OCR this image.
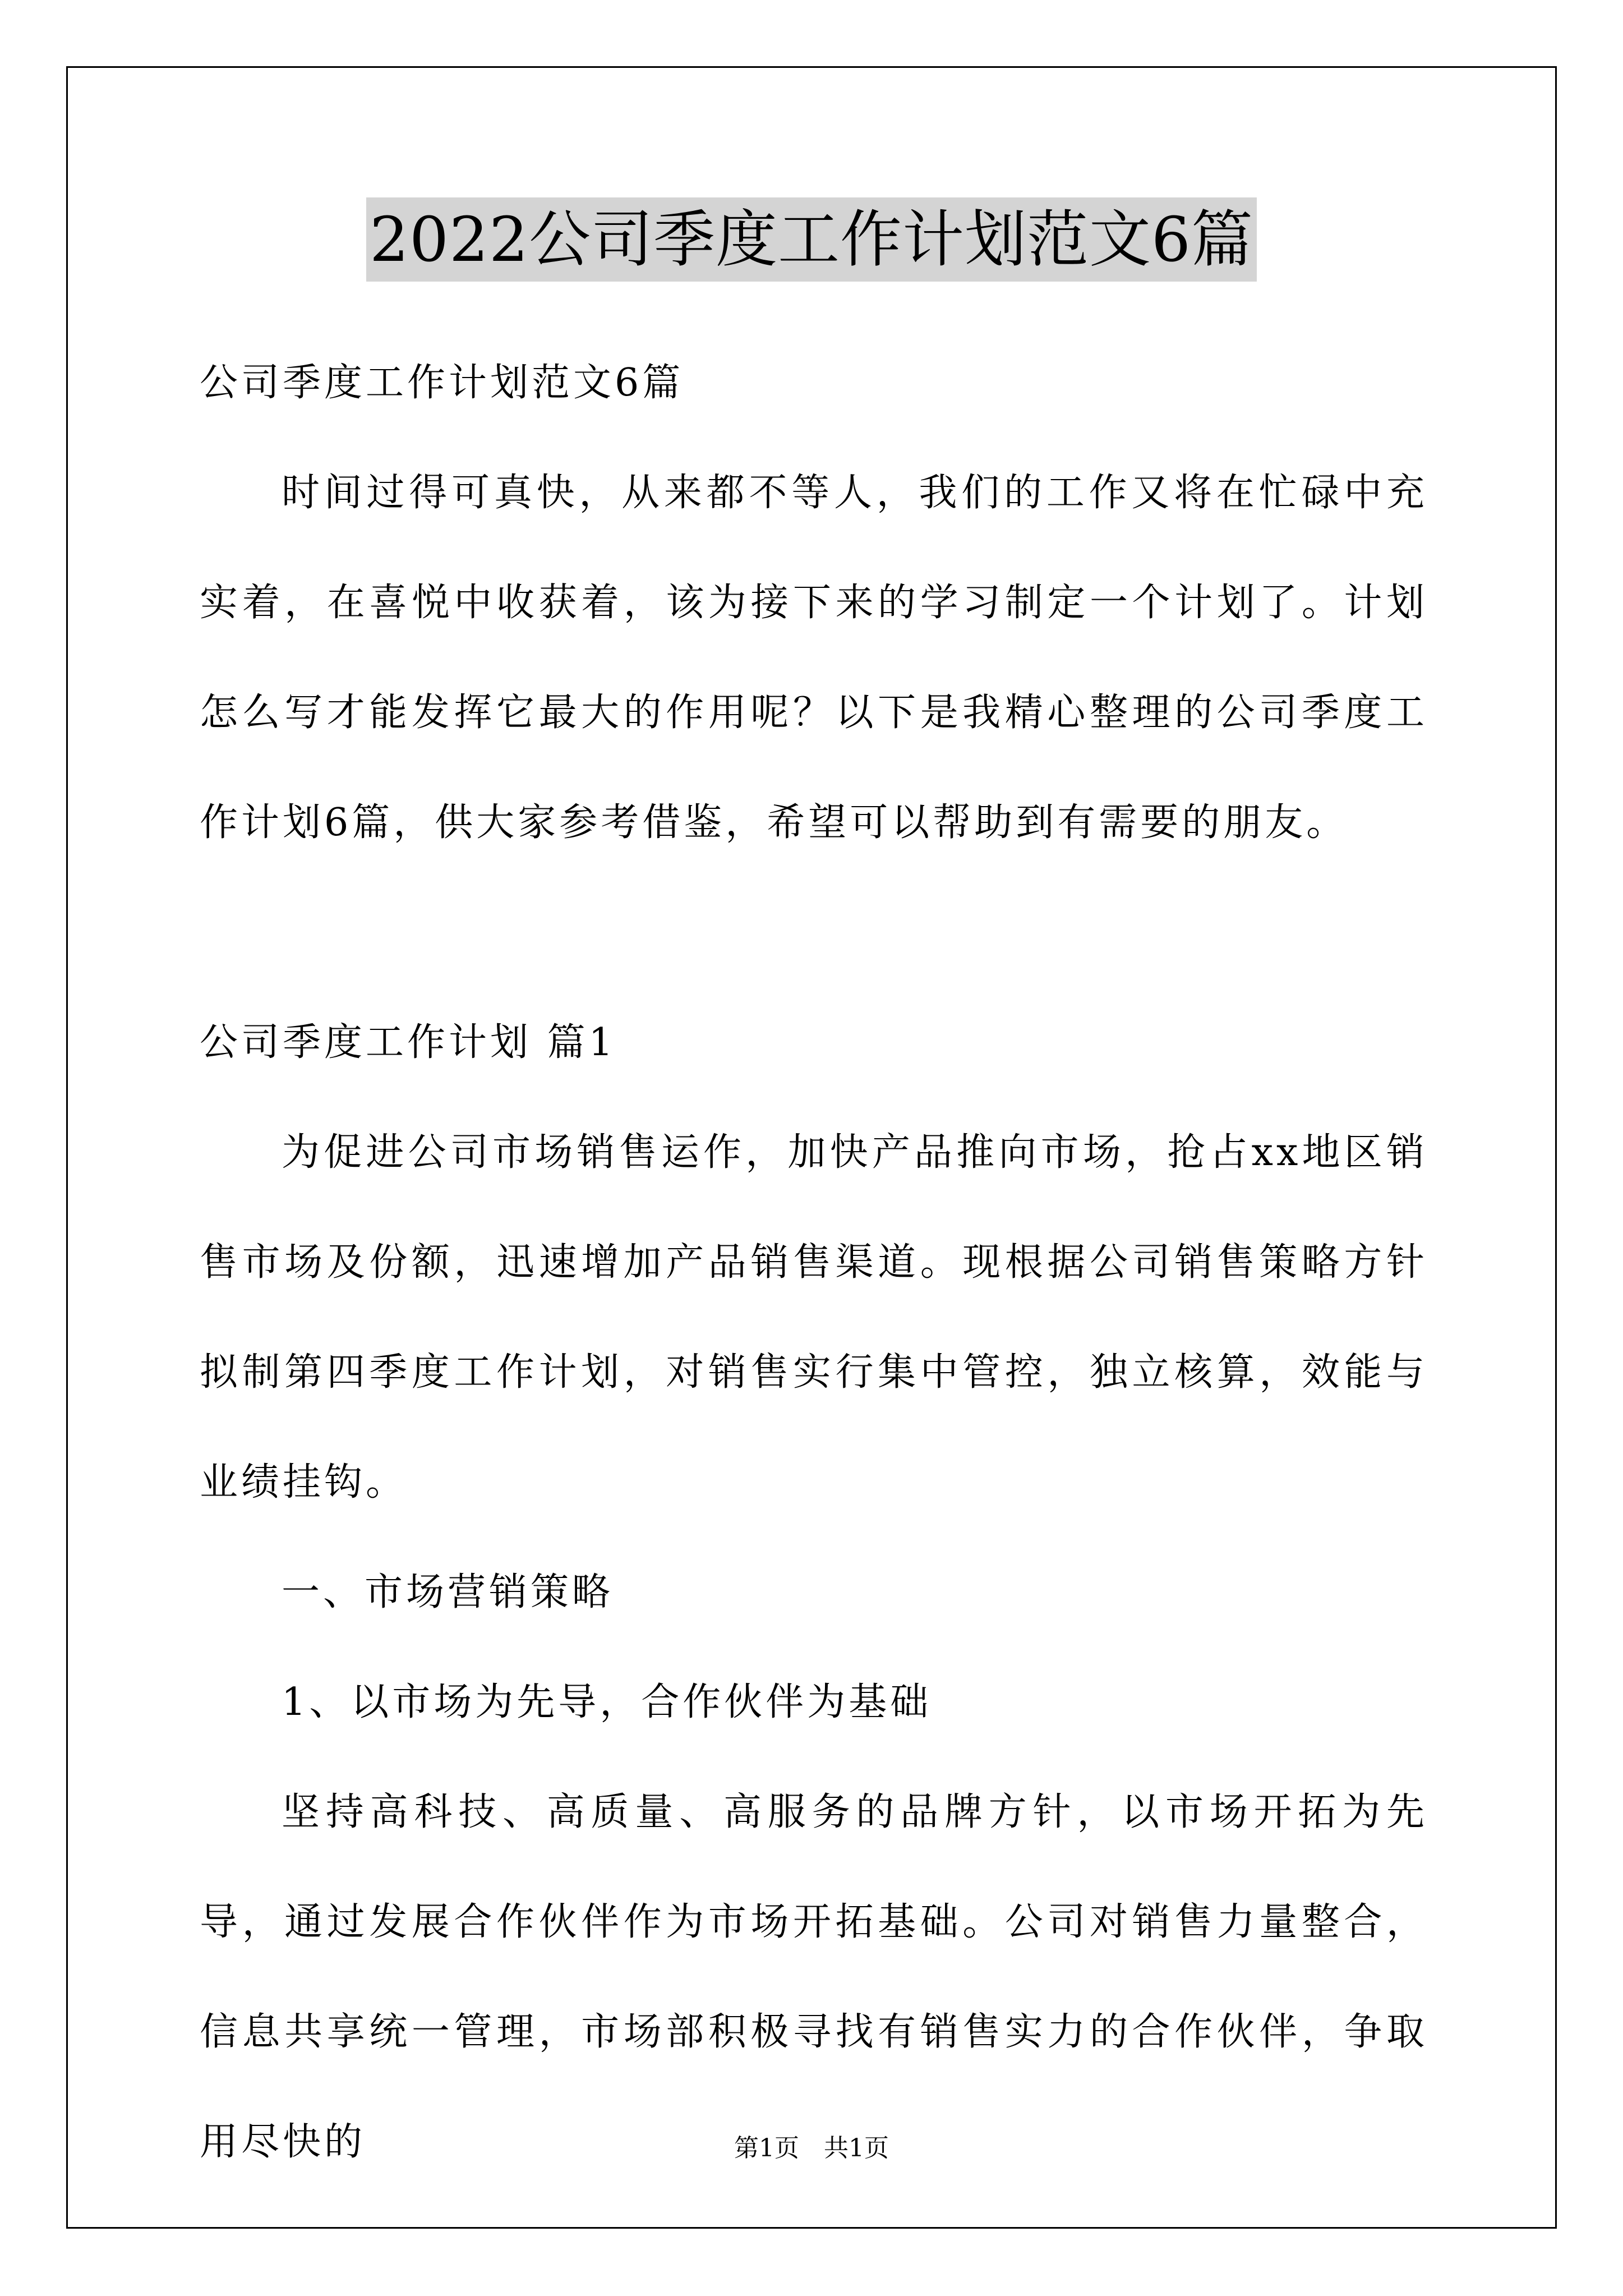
2022公司季度工作计划范文6篇

公司季度工作计划范文6篇

时间过得可真快，从来都不等人，我们的工作又将在忙碌中充实着，在喜悦中收获着，该为接下来的学习制定一个计划了。计划怎么写才能发挥它最大的作用呢？以下是我精心整理的公司季度工作计划6篇，供大家参考借鉴，希望可以帮助到有需要的朋友。

公司季度工作计划 篇1

为促进公司市场销售运作，加快产品推向市场，抢占xx地区销售市场及份额，迅速增加产品销售渠道。现根据公司销售策略方针拟制第四季度工作计划，对销售实行集中管控，独立核算，效能与业绩挂钩。

一、市场营销策略

1、以市场为先导，合作伙伴为基础

坚持高科技、高质量、高服务的品牌方针，以市场开拓为先导，通过发展合作伙伴作为市场开拓基础。公司对销售力量整合，信息共享统一管理，市场部积极寻找有销售实力的合作伙伴，争取用尽快的	第1页　 共1页
